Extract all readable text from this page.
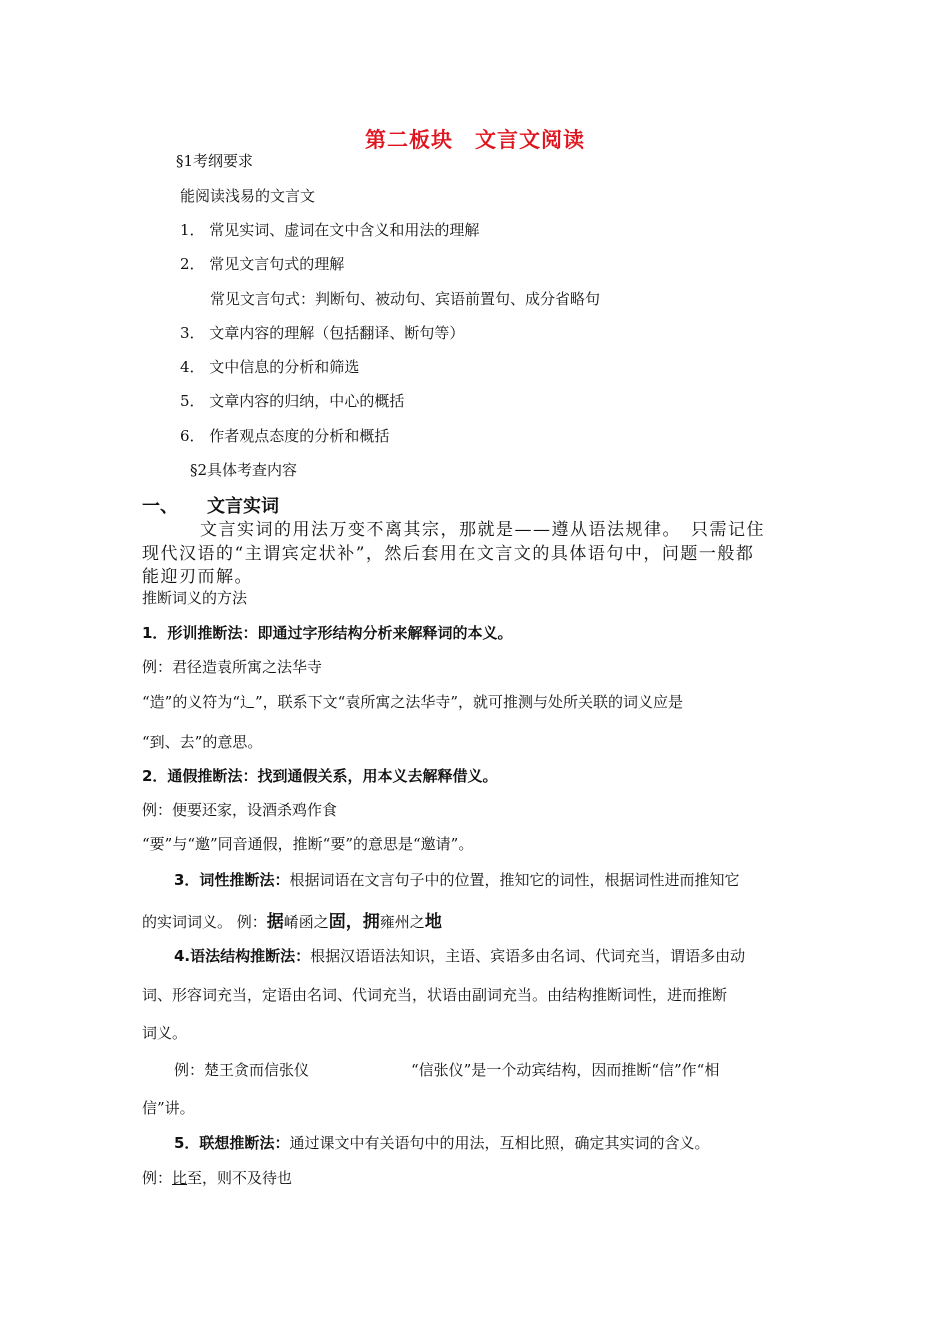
第二板块　文言文阅读
§1考纲要求
能阅读浅易的文言文
1． 常见实词、虚词在文中含义和用法的理解
2． 常见文言句式的理解
常见文言句式：判断句、被动句、宾语前置句、成分省略句
3． 文章内容的理解（包括翻译、断句等）
4． 文中信息的分析和筛选
5． 文章内容的归纳，中心的概括
6． 作者观点态度的分析和概括
§2具体考查内容
一、 文言实词
文言实词的用法万变不离其宗，那就是——遵从语法规律。　只需记住
现代汉语的“主谓宾定状补”，然后套用在文言文的具体语句中，问题一般都
能迎刃而解。
推断词义的方法
1．形训推断法：即通过字形结构分析来解释词的本义。
例：君径造袁所寓之法华寺
“造”的义符为“辶”，联系下文“袁所寓之法华寺”，就可推测与处所关联的词义应是
“到、去”的意思。
2．通假推断法：找到通假关系，用本义去解释借义。
例：便要还家，设酒杀鸡作食
“要”与“邀”同音通假，推断“要”的意思是“邀请”。
3．词性推断法：根据词语在文言句子中的位置，推知它的词性，根据词性进而推知它
的实词词义。 例：据崤函之固，拥雍州之地
4.语法结构推断法：根据汉语语法知识，主语、宾语多由名词、代词充当，谓语多由动
词、形容词充当，定语由名词、代词充当，状语由副词充当。由结构推断词性，进而推断
词义。
例：楚王贪而信张仪	“信张仪”是一个动宾结构，因而推断“信”作“相
信”讲。
5．联想推断法：通过课文中有关语句中的用法，互相比照，确定其实词的含义。
例：比至，则不及待也
